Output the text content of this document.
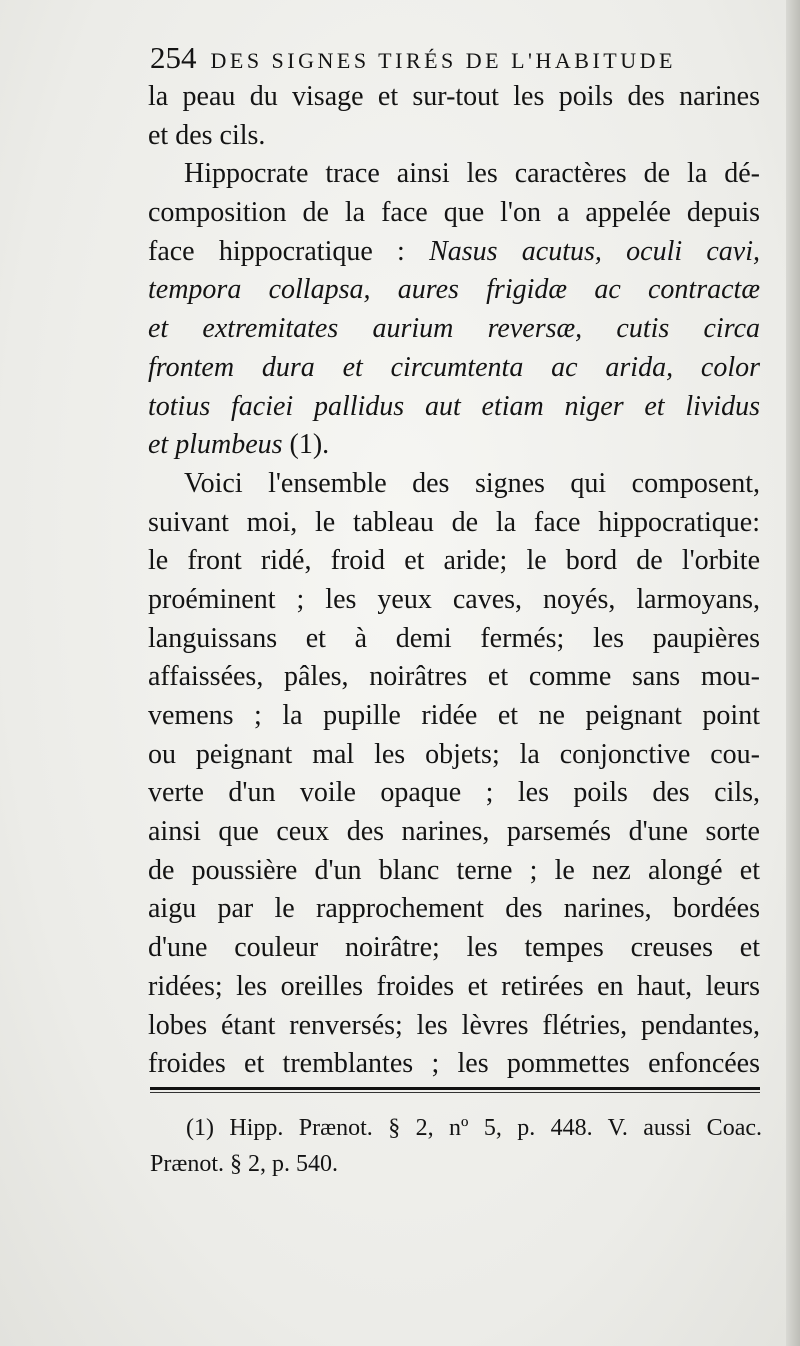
254 DES SIGNES TIRÉS DE L'HABITUDE
la peau du visage et sur-tout les poils des narines
et des cils.
Hippocrate trace ainsi les caractères de la dé-
composition de la face que l'on a appelée depuis
face hippocratique : Nasus acutus, oculi cavi,
tempora collapsa, aures frigidæ ac contractæ
et extremitates aurium reversæ, cutis circa
frontem dura et circumtenta ac arida, color
totius faciei pallidus aut etiam niger et lividus
et plumbeus (1).
Voici l'ensemble des signes qui composent,
suivant moi, le tableau de la face hippocratique:
le front ridé, froid et aride; le bord de l'orbite
proéminent ; les yeux caves, noyés, larmoyans,
languissans et à demi fermés; les paupières
affaissées, pâles, noirâtres et comme sans mou-
vemens ; la pupille ridée et ne peignant point
ou peignant mal les objets; la conjonctive cou-
verte d'un voile opaque ; les poils des cils,
ainsi que ceux des narines, parsemés d'une sorte
de poussière d'un blanc terne ; le nez alongé et
aigu par le rapprochement des narines, bordées
d'une couleur noirâtre; les tempes creuses et
ridées; les oreilles froides et retirées en haut, leurs
lobes étant renversés; les lèvres flétries, pendantes,
froides et tremblantes ; les pommettes enfoncées
(1) Hipp. Prænot. § 2, nº 5, p. 448. V. aussi Coac.
Prænot. § 2, p. 540.
